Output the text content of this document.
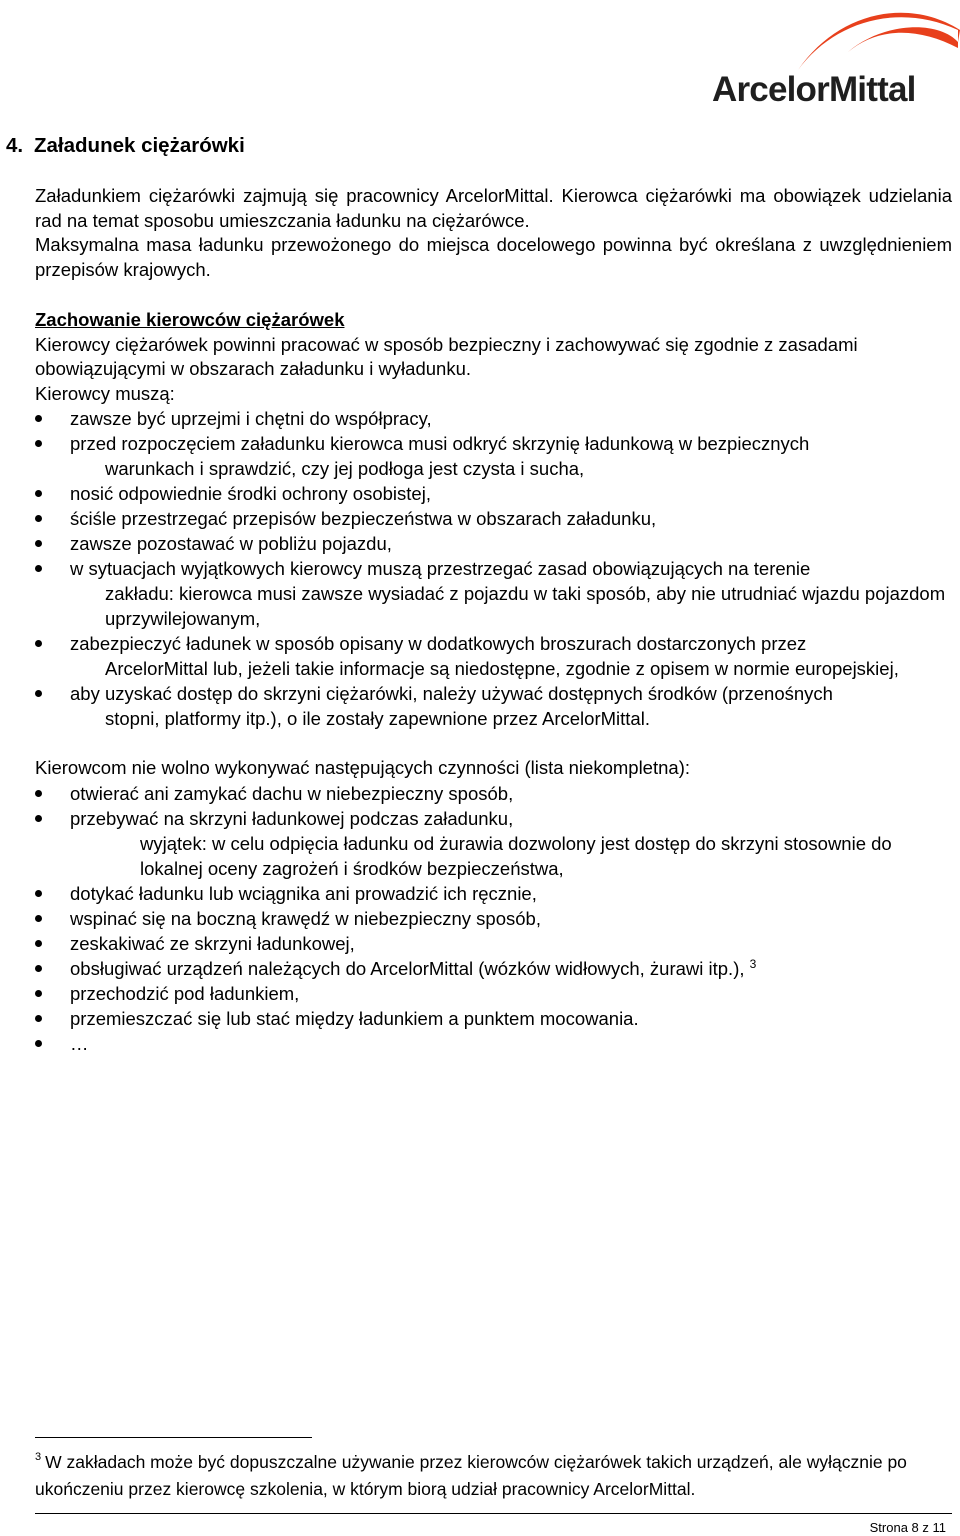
ArcelorMittal
4. Załadunek ciężarówki

Załadunkiem ciężarówki zajmują się pracownicy ArcelorMittal. Kierowca ciężarówki ma obowiązek udzielania rad na temat sposobu umieszczania ładunku na ciężarówce.

Maksymalna masa ładunku przewożonego do miejsca docelowego powinna być określana z uwzględnieniem przepisów krajowych.

Zachowanie kierowców ciężarówek

Kierowcy ciężarówek powinni pracować w sposób bezpieczny i zachowywać się zgodnie z zasadami obowiązującymi w obszarach załadunku i wyładunku.

Kierowcy muszą:

zawsze być uprzejmi i chętni do współpracy,
przed rozpoczęciem załadunku kierowca musi odkryć skrzynię ładunkową w bezpiecznych
warunkach i sprawdzić, czy jej podłoga jest czysta i sucha,
nosić odpowiednie środki ochrony osobistej,
ściśle przestrzegać przepisów bezpieczeństwa w obszarach załadunku,
zawsze pozostawać w pobliżu pojazdu,
w sytuacjach wyjątkowych kierowcy muszą przestrzegać zasad obowiązujących na terenie
zakładu: kierowca musi zawsze wysiadać z pojazdu w taki sposób, aby nie utrudniać wjazdu pojazdom uprzywilejowanym,
zabezpieczyć ładunek w sposób opisany w dodatkowych broszurach dostarczonych przez
ArcelorMittal lub, jeżeli takie informacje są niedostępne, zgodnie z opisem w normie europejskiej,
aby uzyskać dostęp do skrzyni ciężarówki, należy używać dostępnych środków (przenośnych
stopni, platformy itp.), o ile zostały zapewnione przez ArcelorMittal.

Kierowcom nie wolno wykonywać następujących czynności (lista niekompletna):

otwierać ani zamykać dachu w niebezpieczny sposób,
przebywać na skrzyni ładunkowej podczas załadunku,
wyjątek: w celu odpięcia ładunku od żurawia dozwolony jest dostęp do skrzyni stosownie do lokalnej oceny zagrożeń i środków bezpieczeństwa,
dotykać ładunku lub wciągnika ani prowadzić ich ręcznie,
wspinać się na boczną krawędź w niebezpieczny sposób,
zeskakiwać ze skrzyni ładunkowej,
obsługiwać urządzeń należących do ArcelorMittal (wózków widłowych, żurawi itp.), $^3$
przechodzić pod ładunkiem,
przemieszczać się lub stać między ładunkiem a punktem mocowania.
…
$^3$ W zakładach może być dopuszczalne używanie przez kierowców ciężarówek takich urządzeń, ale wyłącznie po ukończeniu przez kierowcę szkolenia, w którym biorą udział pracownicy ArcelorMittal.
Strona 8 z 11
